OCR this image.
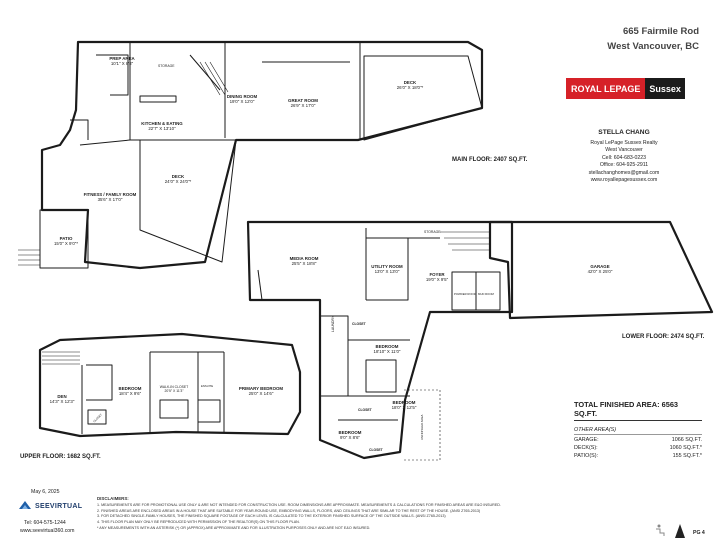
PREP AREA
10'1" X 8'8"	STORAGE
KITCHEN & EATING
22'7" X 13'10"
DINING ROOM
19'0" X 12'0"	GREAT ROOM
26'9" X 17'0"
DECK
26'0" X 18'0"*
DECK
24'0" X 24'0"*
FITNESS / FAMILY ROOM
35'6" X 17'0"
PATIO
15'0" X 9'0"*
MAIN FLOOR: 2407 SQ.FT.
MEDIA ROOM
25'5" X 18'8"
UTILITY ROOM
13'0" X 13'0"
FOYER
19'0" X 9'5"
GARAGE
42'0" X 25'0"
STORAGE
POWDER ROOM MUD ROOM
CLOSET
BEDROOM
18'10" X 11'0"
LAUNDRY
BEDROOM
18'0" X 12'5"
CLOSET
BEDROOM
9'0" X 8'6"
CLOSET
UNFINISHED AREA
LOWER FLOOR: 2474 SQ.FT.
DEN
14'3" X 12'3"
BEDROOM
18'4" X 9'6"
WALK-IN CLOSET
20'5" X 11'3"
ENSUITE	PRIMARY BEDROOM
25'0" X 14'6"
CLOSET
UPPER FLOOR: 1682 SQ.FT.
665 Fairmile Rod
West Vancouver, BC
ROYAL LEPAGE	Sussex
STELLA CHANG
Royal LePage Sussex Realty
West Vancouver
Cell: 604-683-0223
Office: 604-925-2911
stellachanghomes@gmail.com
www.royallepagesussex.com
TOTAL FINISHED AREA: 6563 SQ.FT.
OTHER AREA(S)
GARAGE:	1066 SQ.FT.
DECK(S):	1060 SQ.FT.*
PATIO(S):	155 SQ.FT.*
May 6, 2025
SEEVIRTUAL
Tel: 604-575-1244
www.seevirtual360.com
DISCLAIMERS:
1. MEASUREMENTS ARE FOR PROMOTIONAL USE ONLY & ARE NOT INTENDED FOR CONSTRUCTION USE. ROOM DIMENSIONS ARE APPROXIMATE. MEASUREMENTS & CALCULATIONS FOR FINISHED AREAS ARE E&O INSURED.
2. FINISHED AREAS ARE ENCLOSED AREAS IN A HOUSE THAT ARE SUITABLE FOR YEAR-ROUND USE, EMBODYING WALLS, FLOORS, AND CEILINGS THAT ARE SIMILAR TO THE REST OF THE HOUSE. (ANSI Z765-2013)
3. FOR DETACHED SINGLE-FAMILY HOUSES, THE FINISHED SQUARE FOOTAGE OF EACH LEVEL IS CALCULATED TO THE EXTERIOR FINISHED SURFACE OF THE OUTSIDE WALLS. (ANSI Z765-2013)
4. THIS FLOOR PLAN MAY ONLY BE REPRODUCED WITH PERMISSION OF THE REALTOR(S) ON THIS FLOOR PLAN.
* ANY MEASUREMENTS WITH AN ASTERISK (*) OR (APPROX) ARE APPROXIMATE AND FOR ILLUSTRATION PURPOSES ONLY AND ARE NOT E&O INSURED.
PG 4
